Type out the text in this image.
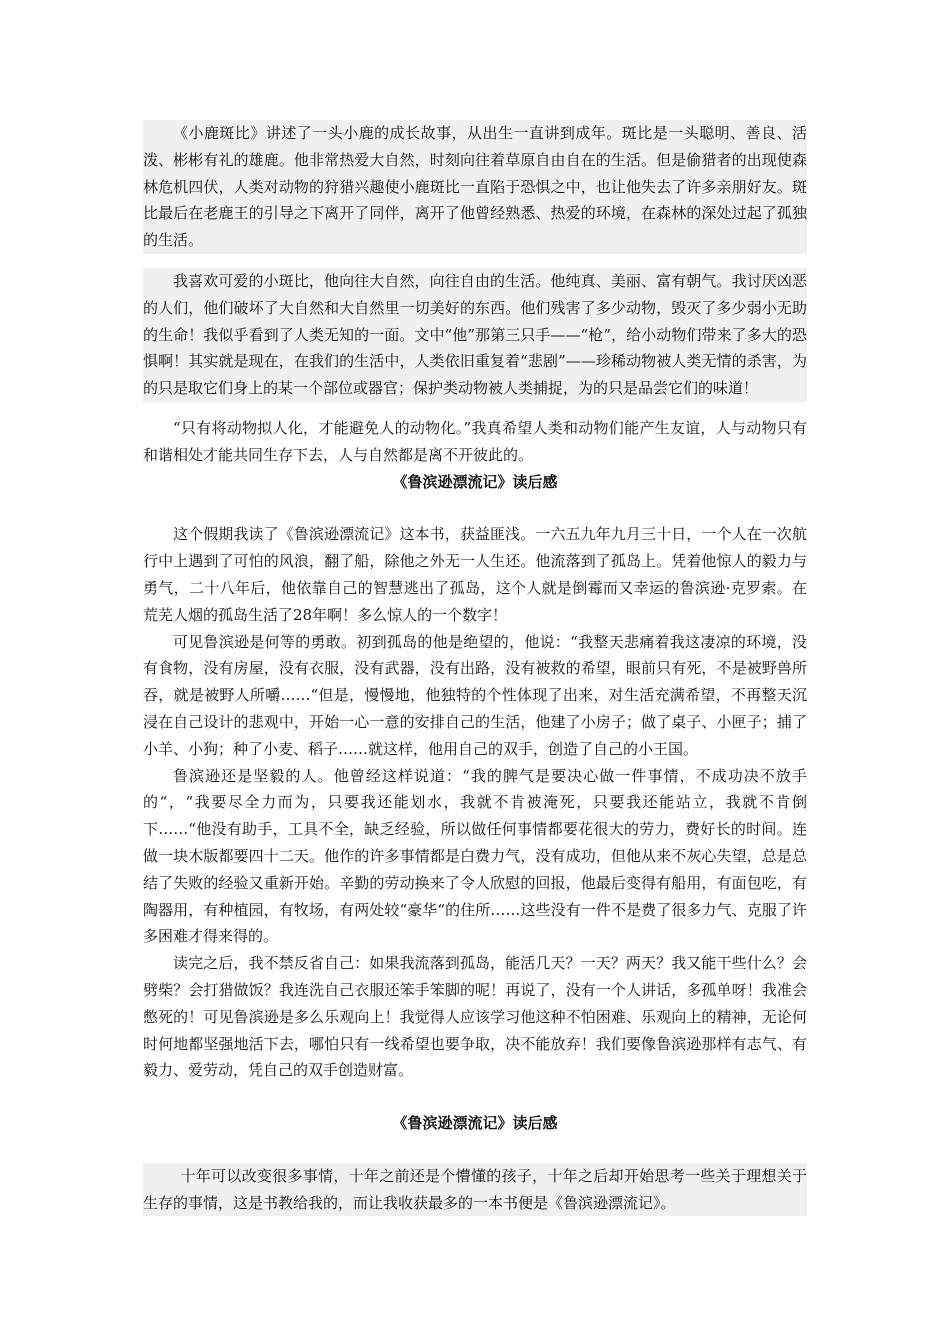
《小鹿斑比》讲述了一头小鹿的成长故事，从出生一直讲到成年。斑比是一头聪明、善良、活泼、彬彬有礼的雄鹿。他非常热爱大自然，时刻向往着草原自由自在的生活。但是偷猎者的出现使森林危机四伏，人类对动物的狩猎兴趣使小鹿斑比一直陷于恐惧之中，也让他失去了许多亲朋好友。斑比最后在老鹿王的引导之下离开了同伴，离开了他曾经熟悉、热爱的环境，在森林的深处过起了孤独的生活。

我喜欢可爱的小斑比，他向往大自然，向往自由的生活。他纯真、美丽、富有朝气。我讨厌凶恶的人们，他们破坏了大自然和大自然里一切美好的东西。他们残害了多少动物，毁灭了多少弱小无助的生命！我似乎看到了人类无知的一面。文中“他”那第三只手——“枪”，给小动物们带来了多大的恐惧啊！其实就是现在，在我们的生活中，人类依旧重复着“悲剧”——珍稀动物被人类无情的杀害，为的只是取它们身上的某一个部位或器官；保护类动物被人类捕捉，为的只是品尝它们的味道！

“只有将动物拟人化，才能避免人的动物化。”我真希望人类和动物们能产生友谊，人与动物只有和谐相处才能共同生存下去，人与自然都是离不开彼此的。

《鲁滨逊漂流记》读后感

这个假期我读了《鲁滨逊漂流记》这本书，获益匪浅。一六五九年九月三十日，一个人在一次航行中上遇到了可怕的风浪，翻了船，除他之外无一人生还。他流落到了孤岛上。凭着他惊人的毅力与勇气，二十八年后，他依靠自己的智慧逃出了孤岛，这个人就是倒霉而又幸运的鲁滨逊·克罗索。在荒芜人烟的孤岛生活了28年啊！多么惊人的一个数字！

可见鲁滨逊是何等的勇敢。初到孤岛的他是绝望的，他说：“我整天悲痛着我这凄凉的环境，没有食物，没有房屋，没有衣服，没有武器，没有出路，没有被救的希望，眼前只有死，不是被野兽所吞，就是被野人所嚼……“但是，慢慢地，他独特的个性体现了出来，对生活充满希望，不再整天沉浸在自己设计的悲观中，开始一心一意的安排自己的生活，他建了小房子；做了桌子、小匣子；捕了小羊、小狗；种了小麦、稻子……就这样，他用自己的双手，创造了自己的小王国。

鲁滨逊还是坚毅的人。他曾经这样说道：“我的脾气是要决心做一件事情，不成功决不放手的“，“我要尽全力而为，只要我还能划水，我就不肯被淹死，只要我还能站立，我就不肯倒下……“他没有助手，工具不全，缺乏经验，所以做任何事情都要花很大的劳力，费好长的时间。连做一块木版都要四十二天。他作的许多事情都是白费力气，没有成功，但他从来不灰心失望，总是总结了失败的经验又重新开始。辛勤的劳动换来了令人欣慰的回报，他最后变得有船用，有面包吃，有陶器用，有种植园，有牧场，有两处较“豪华“的住所……这些没有一件不是费了很多力气、克服了许多困难才得来得的。

读完之后，我不禁反省自己：如果我流落到孤岛，能活几天？一天？两天？我又能干些什么？会劈柴？会打猎做饭？我连洗自己衣服还笨手笨脚的呢！再说了，没有一个人讲话，多孤单呀！我准会憋死的！可见鲁滨逊是多么乐观向上！我觉得人应该学习他这种不怕困难、乐观向上的精神，无论何时何地都坚强地活下去，哪怕只有一线希望也要争取，决不能放弃！我们要像鲁滨逊那样有志气、有毅力、爱劳动，凭自己的双手创造财富。

《鲁滨逊漂流记》读后感

十年可以改变很多事情，十年之前还是个懵懂的孩子，十年之后却开始思考一些关于理想关于生存的事情，这是书教给我的，而让我收获最多的一本书便是《鲁滨逊漂流记》。
